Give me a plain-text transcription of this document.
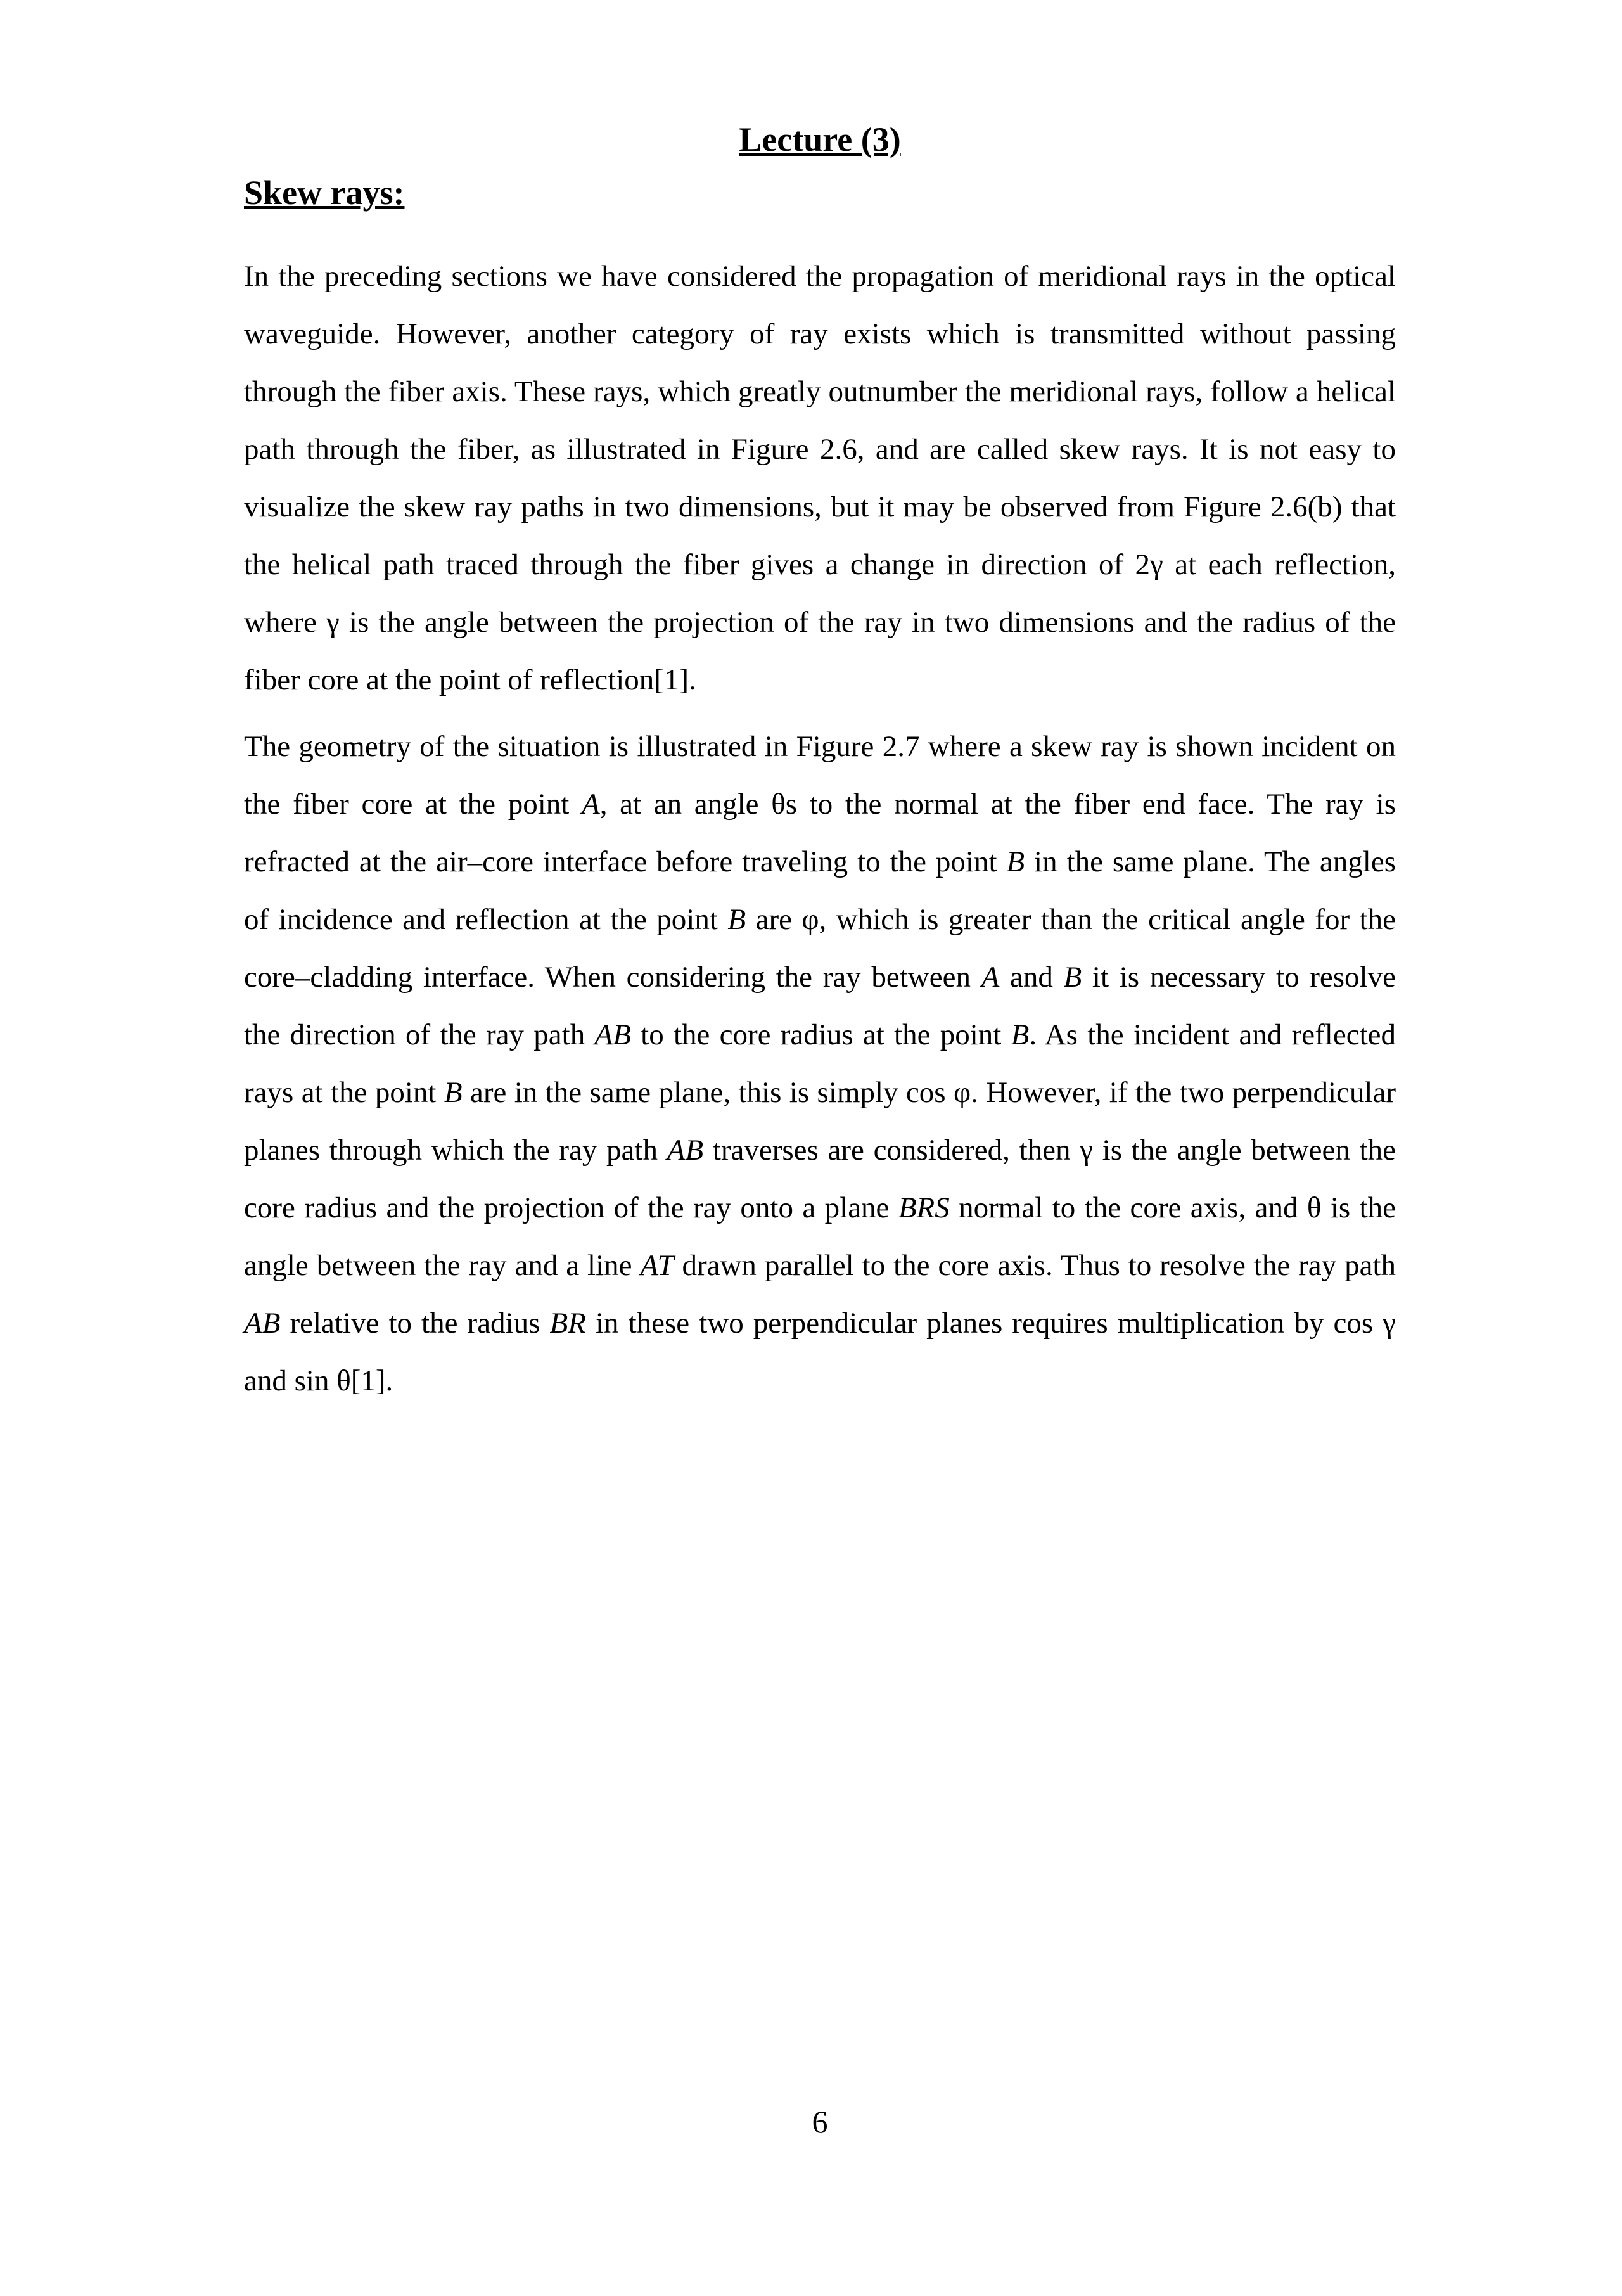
Lecture (3)
Skew rays:

In the preceding sections we have considered the propagation of meridional rays in the optical waveguide. However, another category of ray exists which is transmitted without passing through the fiber axis. These rays, which greatly outnumber the meridional rays, follow a helical path through the fiber, as illustrated in Figure 2.6, and are called skew rays. It is not easy to visualize the skew ray paths in two dimensions, but it may be observed from Figure 2.6(b) that the helical path traced through the fiber gives a change in direction of 2γ at each reflection, where γ is the angle between the projection of the ray in two dimensions and the radius of the fiber core at the point of reflection[1].

The geometry of the situation is illustrated in Figure 2.7 where a skew ray is shown incident on the fiber core at the point A, at an angle θs to the normal at the fiber end face. The ray is refracted at the air–core interface before traveling to the point B in the same plane. The angles of incidence and reflection at the point B are φ, which is greater than the critical angle for the core–cladding interface. When considering the ray between A and B it is necessary to resolve the direction of the ray path AB to the core radius at the point B. As the incident and reflected rays at the point B are in the same plane, this is simply cos φ. However, if the two perpendicular planes through which the ray path AB traverses are considered, then γ is the angle between the core radius and the projection of the ray onto a plane BRS normal to the core axis, and θ is the angle between the ray and a line AT drawn parallel to the core axis. Thus to resolve the ray path AB relative to the radius BR in these two perpendicular planes requires multiplication by cos γ and sin θ[1].

6
